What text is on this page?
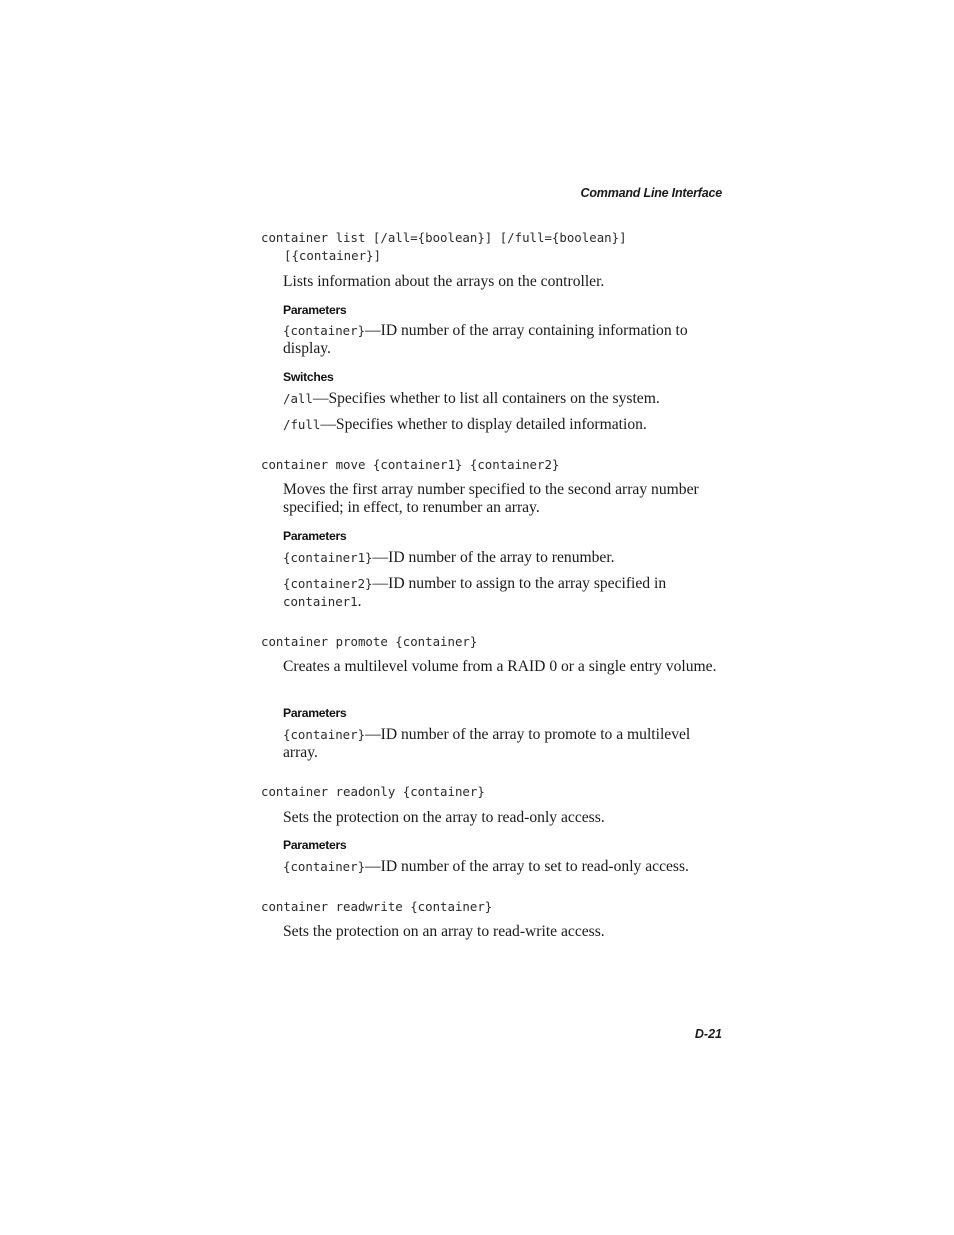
Command Line Interface
container list [/all={boolean}] [/full={boolean}]
[{container}]

Lists information about the arrays on the controller.

Parameters

{container}—ID number of the array containing information to display.

Switches

/all—Specifies whether to list all containers on the system.

/full—Specifies whether to display detailed information.

container move {container1} {container2}

Moves the first array number specified to the second array number specified; in effect, to renumber an array.

Parameters

{container1}—ID number of the array to renumber.

{container2}—ID number to assign to the array specified in container1.

container promote {container}

Creates a multilevel volume from a RAID 0 or a single entry volume.

Parameters

{container}—ID number of the array to promote to a multilevel array.

container readonly {container}

Sets the protection on the array to read-only access.

Parameters

{container}—ID number of the array to set to read-only access.

container readwrite {container}

Sets the protection on an array to read-write access.

D-21
